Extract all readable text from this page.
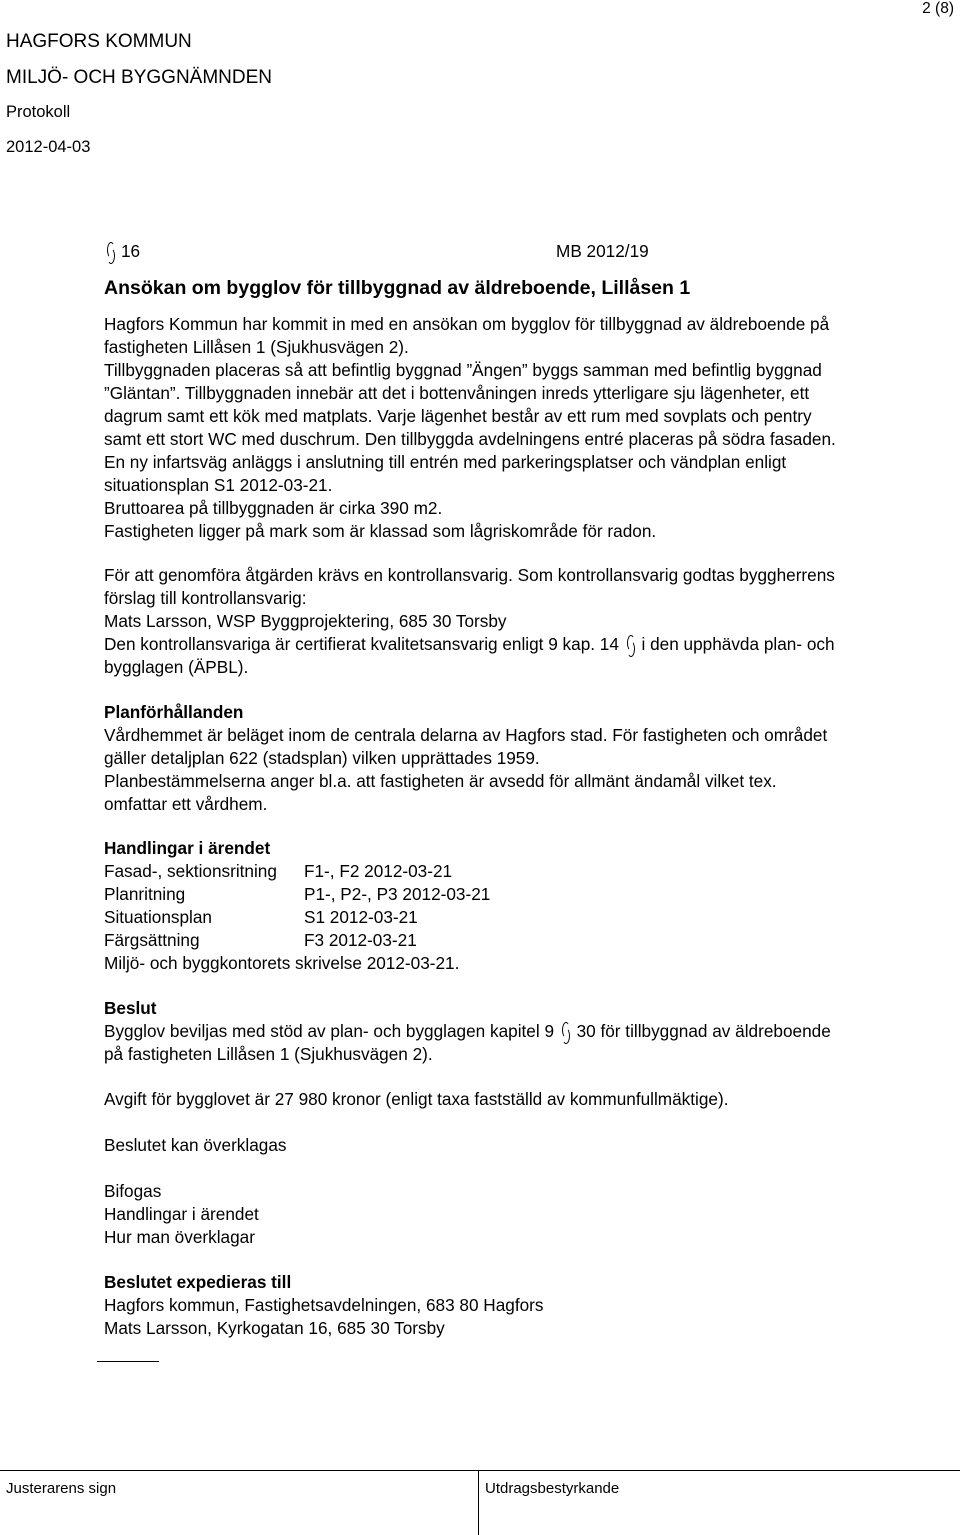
2 (8)
HAGFORS KOMMUN
MILJÖ- OCH BYGGNÄMNDEN
Protokoll
2012-04-03
16	MB 2012/19
Ansökan om bygglov för tillbyggnad av äldreboende, Lillåsen 1
Hagfors Kommun har kommit in med en ansökan om bygglov för tillbyggnad av äldreboende på
fastigheten Lillåsen 1 (Sjukhusvägen 2).
Tillbyggnaden placeras så att befintlig byggnad ”Ängen” byggs samman med befintlig byggnad
”Gläntan”. Tillbyggnaden innebär att det i bottenvåningen inreds ytterligare sju lägenheter, ett
dagrum samt ett kök med matplats. Varje lägenhet består av ett rum med sovplats och pentry
samt ett stort WC med duschrum. Den tillbyggda avdelningens entré placeras på södra fasaden.
En ny infartsväg anläggs i anslutning till entrén med parkeringsplatser och vändplan enligt
situationsplan S1 2012-03-21.
Bruttoarea på tillbyggnaden är cirka 390 m2.
Fastigheten ligger på mark som är klassad som lågriskområde för radon.
För att genomföra åtgärden krävs en kontrollansvarig. Som kontrollansvarig godtas byggherrens
förslag till kontrollansvarig:
Mats Larsson, WSP Byggprojektering, 685 30 Torsby
Den kontrollansvariga är certifierat kvalitetsansvarig enligt 9 kap. 14  i den upphävda plan- och
bygglagen (ÄPBL).
Planförhållanden
Vårdhemmet är beläget inom de centrala delarna av Hagfors stad. För fastigheten och området
gäller detaljplan 622 (stadsplan) vilken upprättades 1959.
Planbestämmelserna anger bl.a. att fastigheten är avsedd för allmänt ändamål vilket tex.
omfattar ett vårdhem.
Handlingar i ärendet
Fasad-, sektionsritning	F1-, F2 2012-03-21
Planritning	P1-, P2-, P3 2012-03-21
Situationsplan	S1 2012-03-21
Färgsättning	F3 2012-03-21
Miljö- och byggkontorets skrivelse 2012-03-21.
Beslut
Bygglov beviljas med stöd av plan- och bygglagen kapitel 9  30 för tillbyggnad av äldreboende
på fastigheten Lillåsen 1 (Sjukhusvägen 2).
Avgift för bygglovet är 27 980 kronor (enligt taxa fastställd av kommunfullmäktige).
Beslutet kan överklagas
Bifogas
Handlingar i ärendet
Hur man överklagar
Beslutet expedieras till
Hagfors kommun, Fastighetsavdelningen, 683 80 Hagfors
Mats Larsson, Kyrkogatan 16, 685 30 Torsby
Justerarens sign	Utdragsbestyrkande
